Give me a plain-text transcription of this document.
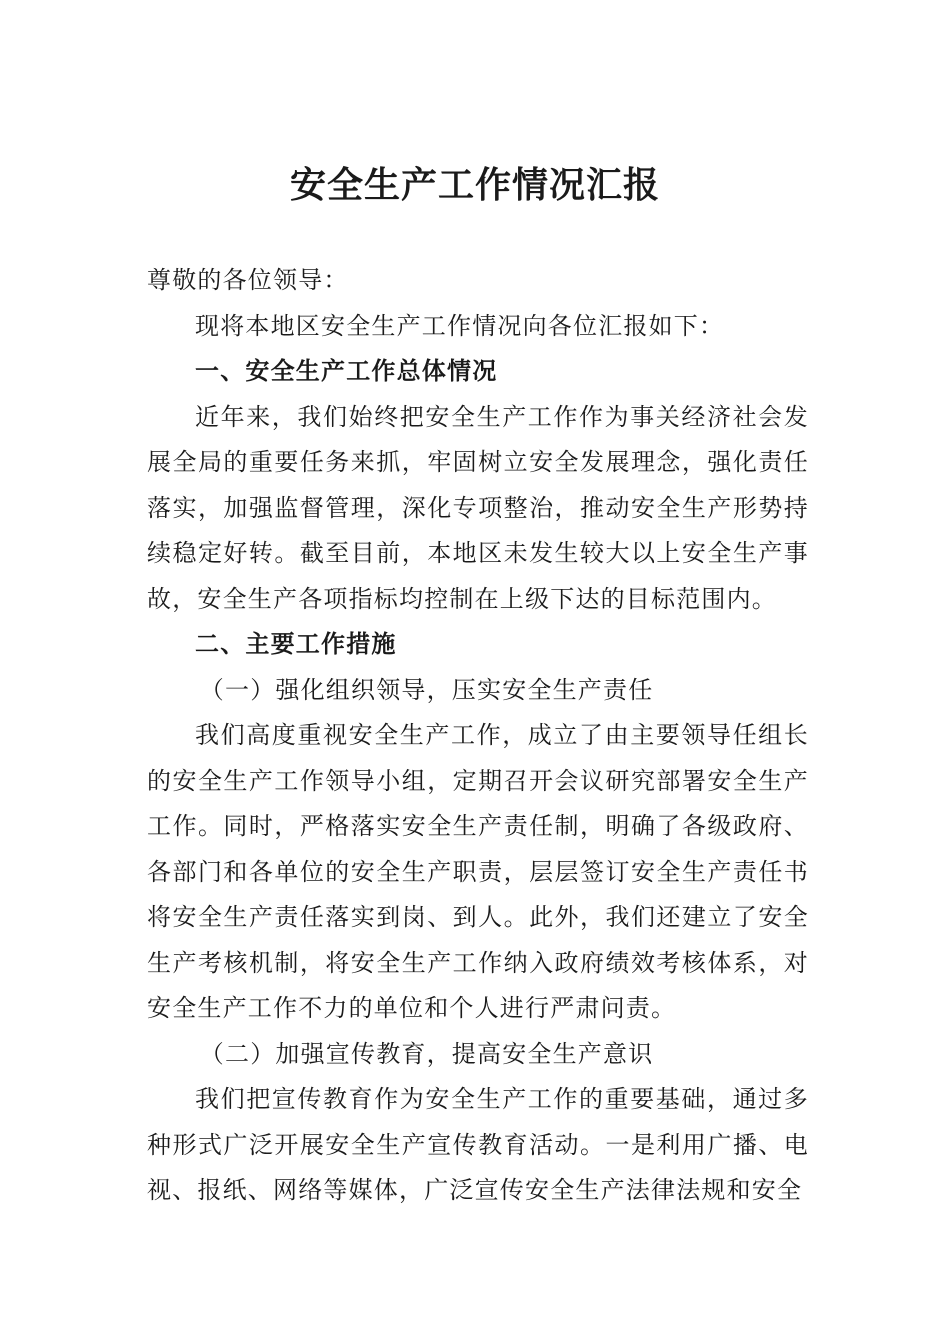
安全生产工作情况汇报

尊敬的各位领导：

现将本地区安全生产工作情况向各位汇报如下：

一、安全生产工作总体情况

近年来，我们始终把安全生产工作作为事关经济社会发展全局的重要任务来抓，牢固树立安全发展理念，强化责任落实，加强监督管理，深化专项整治，推动安全生产形势持续稳定好转。截至目前，本地区未发生较大以上安全生产事故，安全生产各项指标均控制在上级下达的目标范围内。

二、主要工作措施

（一）强化组织领导，压实安全生产责任

我们高度重视安全生产工作，成立了由主要领导任组长的安全生产工作领导小组，定期召开会议研究部署安全生产工作。同时，严格落实安全生产责任制，明确了各级政府、各部门和各单位的安全生产职责，层层签订安全生产责任书将安全生产责任落实到岗、到人。此外，我们还建立了安全生产考核机制，将安全生产工作纳入政府绩效考核体系，对安全生产工作不力的单位和个人进行严肃问责。

（二）加强宣传教育，提高安全生产意识

我们把宣传教育作为安全生产工作的重要基础，通过多种形式广泛开展安全生产宣传教育活动。一是利用广播、电视、报纸、网络等媒体，广泛宣传安全生产法律法规和安全
